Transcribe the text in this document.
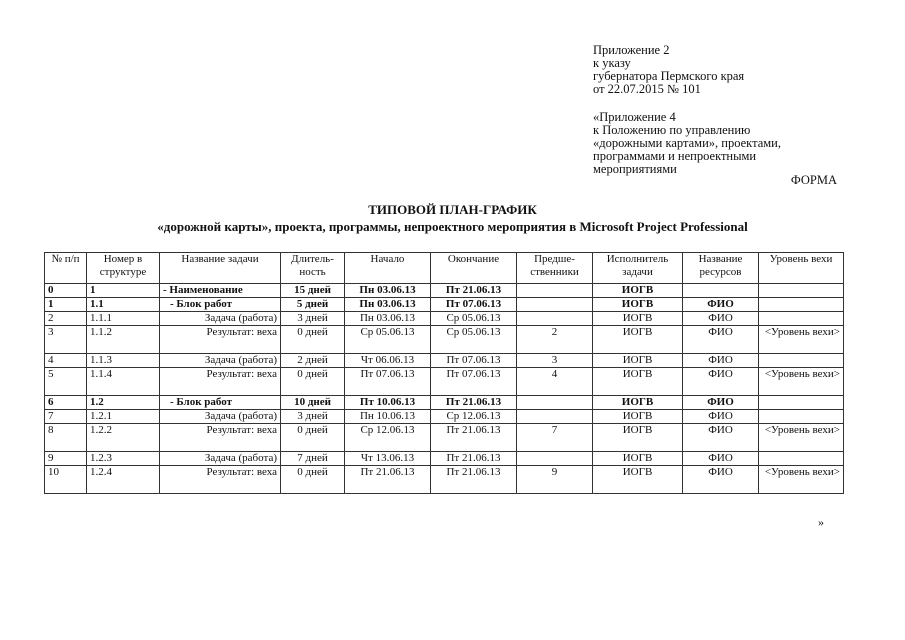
Приложение 2
к указу
губернатора Пермского края
от 22.07.2015 № 101
«Приложение 4
к Положению по управлению
«дорожными картами», проектами,
программами и непроектными
мероприятиями
ФОРМА
ТИПОВОЙ ПЛАН-ГРАФИК
«дорожной карты», проекта, программы, непроектного мероприятия в Microsoft Project Professional
№ п/п	Номер в структуре	Название задачи	Длитель-ность	Начало	Окончание	Предше-ственники	Исполнитель задачи	Название ресурсов	Уровень вехи
0	1	- Наименование	15 дней	Пн 03.06.13	Пт 21.06.13		ИОГВ		
1	1.1	- Блок работ	5 дней	Пн 03.06.13	Пт 07.06.13		ИОГВ	ФИО	
2	1.1.1	Задача (работа)	3 дней	Пн 03.06.13	Ср 05.06.13		ИОГВ	ФИО	
3	1.1.2	Результат: веха	0 дней	Ср 05.06.13	Ср 05.06.13	2	ИОГВ	ФИО	<Уровень вехи>
4	1.1.3	Задача (работа)	2 дней	Чт 06.06.13	Пт 07.06.13	3	ИОГВ	ФИО	
5	1.1.4	Результат: веха	0 дней	Пт 07.06.13	Пт 07.06.13	4	ИОГВ	ФИО	<Уровень вехи>
6	1.2	- Блок работ	10 дней	Пт 10.06.13	Пт 21.06.13		ИОГВ	ФИО	
7	1.2.1	Задача (работа)	3 дней	Пн 10.06.13	Ср 12.06.13		ИОГВ	ФИО	
8	1.2.2	Результат: веха	0 дней	Ср 12.06.13	Пт 21.06.13	7	ИОГВ	ФИО	<Уровень вехи>
9	1.2.3	Задача (работа)	7 дней	Чт 13.06.13	Пт 21.06.13		ИОГВ	ФИО	
10	1.2.4	Результат: веха	0 дней	Пт 21.06.13	Пт 21.06.13	9	ИОГВ	ФИО	<Уровень вехи>
»
